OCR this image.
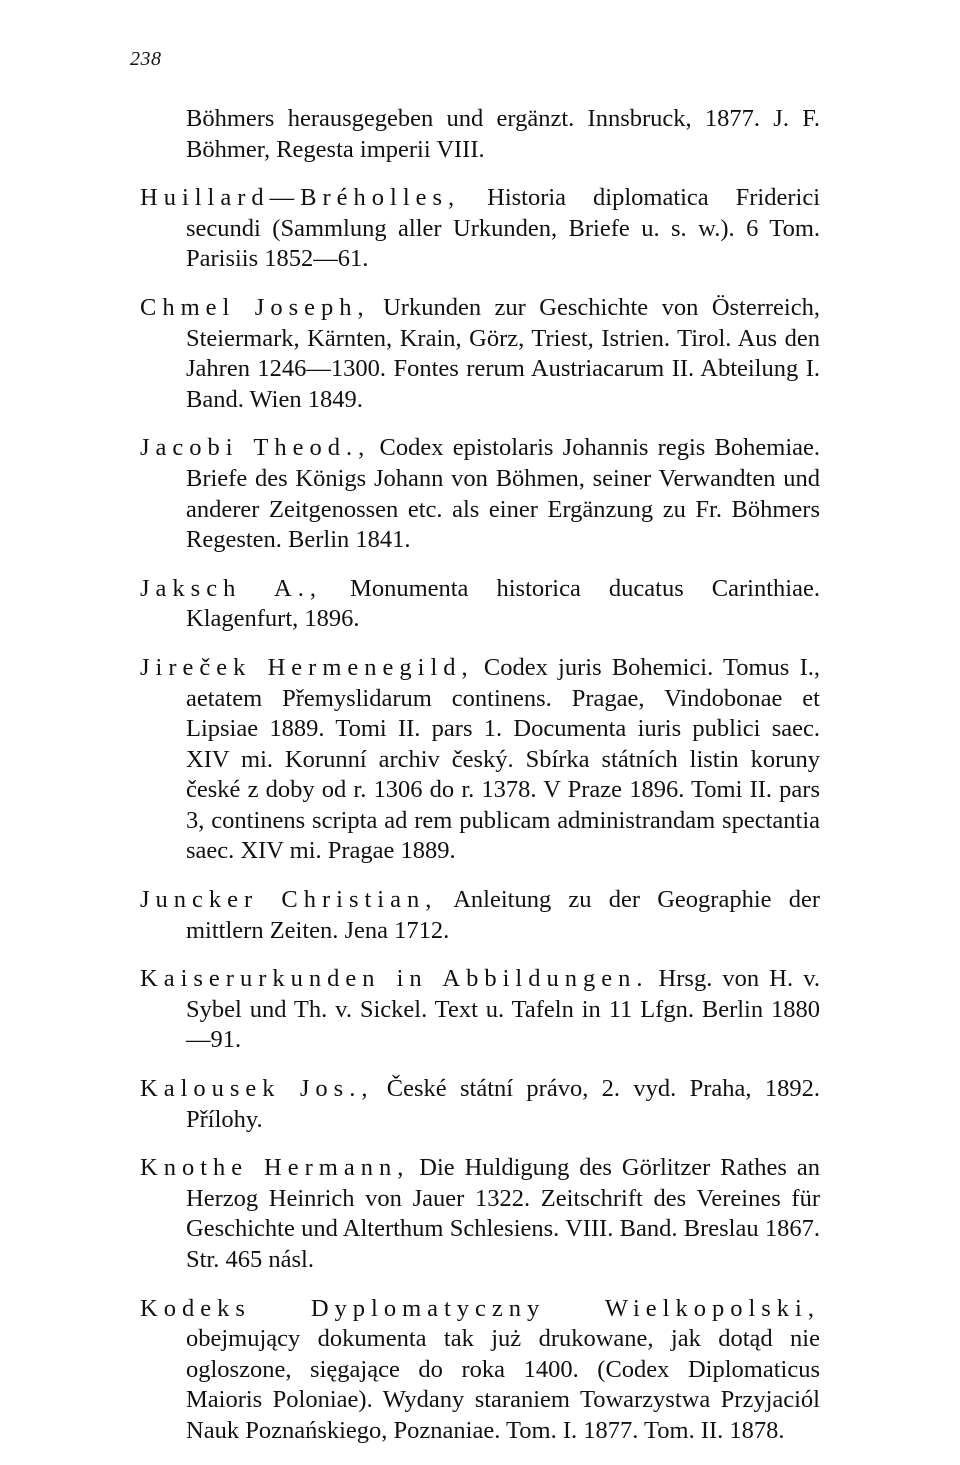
238

Böhmers herausgegeben und ergänzt. Innsbruck, 1877. J. F. Böhmer, Regesta imperii VIII.

Huillard—Bréholles, Historia diplomatica Friderici secundi (Sammlung aller Urkunden, Briefe u. s. w.). 6 Tom. Parisiis 1852—61.

Chmel Joseph, Urkunden zur Geschichte von Österreich, Steiermark, Kärnten, Krain, Görz, Triest, Istrien. Tirol. Aus den Jahren 1246—1300. Fontes rerum Austriacarum II. Abteilung I. Band. Wien 1849.

Jacobi Theod., Codex epistolaris Johannis regis Bohemiae. Briefe des Königs Johann von Böhmen, seiner Verwandten und anderer Zeitgenossen etc. als einer Ergänzung zu Fr. Böhmers Regesten. Berlin 1841.

Jaksch A., Monumenta historica ducatus Carinthiae. Klagenfurt, 1896.

Jireček Hermenegild, Codex juris Bohemici. Tomus I., aetatem Přemyslidarum continens. Pragae, Vindobonae et Lipsiae 1889. Tomi II. pars 1. Documenta iuris publici saec. XIV mi. Korunní archiv český. Sbírka státních listin koruny české z doby od r. 1306 do r. 1378. V Praze 1896. Tomi II. pars 3, continens scripta ad rem publicam administrandam spectantia saec. XIV mi. Pragae 1889.

Juncker Christian, Anleitung zu der Geographie der mittlern Zeiten. Jena 1712.

Kaiserurkunden in Abbildungen. Hrsg. von H. v. Sybel und Th. v. Sickel. Text u. Tafeln in 11 Lfgn. Berlin 1880—91.

Kalousek Jos., České státní právo, 2. vyd. Praha, 1892. Přílohy.

Knothe Hermann, Die Huldigung des Görlitzer Rathes an Herzog Heinrich von Jauer 1322. Zeitschrift des Vereines für Geschichte und Alterthum Schlesiens. VIII. Band. Breslau 1867. Str. 465 násl.

Kodeks Dyplomatyczny Wielkopolski, obejmujący dokumenta tak już drukowane, jak dotąd nie ogloszone, sięgające do roka 1400. (Codex Diplomaticus Maioris Poloniae). Wydany staraniem Towarzystwa Przyjaciól Nauk Poznańskiego, Poznaniae. Tom. I. 1877. Tom. II. 1878.
